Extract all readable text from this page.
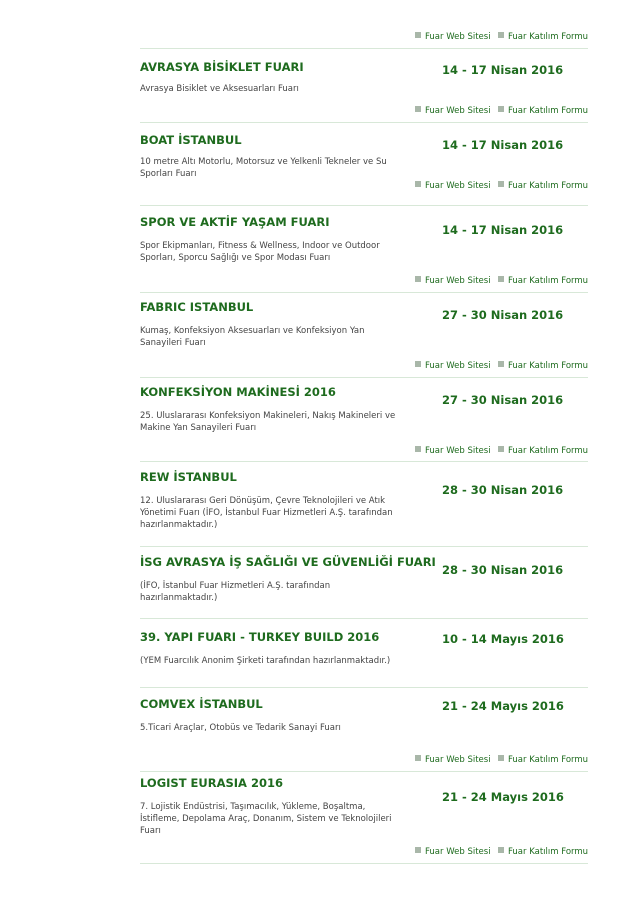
Fuar Web Sitesi	Fuar Katılım Formu
AVRASYA BİSİKLET FUARI
Avrasya Bisiklet ve Aksesuarları Fuarı
14 - 17 Nisan 2016
Fuar Web Sitesi	Fuar Katılım Formu
BOAT İSTANBUL
10 metre Altı Motorlu, Motorsuz ve Yelkenli Tekneler ve Su Sporları Fuarı
14 - 17 Nisan 2016
Fuar Web Sitesi	Fuar Katılım Formu
SPOR VE AKTİF YAŞAM FUARI
Spor Ekipmanları, Fitness & Wellness, Indoor ve Outdoor Sporları, Sporcu Sağlığı ve Spor Modası Fuarı
14 - 17 Nisan 2016
Fuar Web Sitesi	Fuar Katılım Formu
FABRIC ISTANBUL
Kumaş, Konfeksiyon Aksesuarları ve Konfeksiyon Yan Sanayileri Fuarı
27 - 30 Nisan 2016
Fuar Web Sitesi	Fuar Katılım Formu
KONFEKSİYON MAKİNESİ 2016
25. Uluslararası Konfeksiyon Makineleri, Nakış Makineleri ve Makine Yan Sanayileri Fuarı
27 - 30 Nisan 2016
Fuar Web Sitesi	Fuar Katılım Formu
REW İSTANBUL
12. Uluslararası Geri Dönüşüm, Çevre Teknolojileri ve Atık Yönetimi Fuarı (İFO, İstanbul Fuar Hizmetleri A.Ş. tarafından hazırlanmaktadır.)
28 - 30 Nisan 2016
İSG AVRASYA İŞ SAĞLIĞI VE GÜVENLİĞİ FUARI
(İFO, İstanbul Fuar Hizmetleri A.Ş. tarafından hazırlanmaktadır.)
28 - 30 Nisan 2016
39. YAPI FUARI - TURKEY BUILD 2016
(YEM Fuarcılık Anonim Şirketi tarafından hazırlanmaktadır.)
10 - 14 Mayıs 2016
COMVEX İSTANBUL
5.Ticari Araçlar, Otobüs ve Tedarik Sanayi Fuarı
21 - 24 Mayıs 2016
Fuar Web Sitesi	Fuar Katılım Formu
LOGIST EURASIA 2016
7. Lojistik Endüstrisi, Taşımacılık, Yükleme, Boşaltma, İstifleme, Depolama Araç, Donanım, Sistem ve Teknolojileri Fuarı
21 - 24 Mayıs 2016
Fuar Web Sitesi	Fuar Katılım Formu
